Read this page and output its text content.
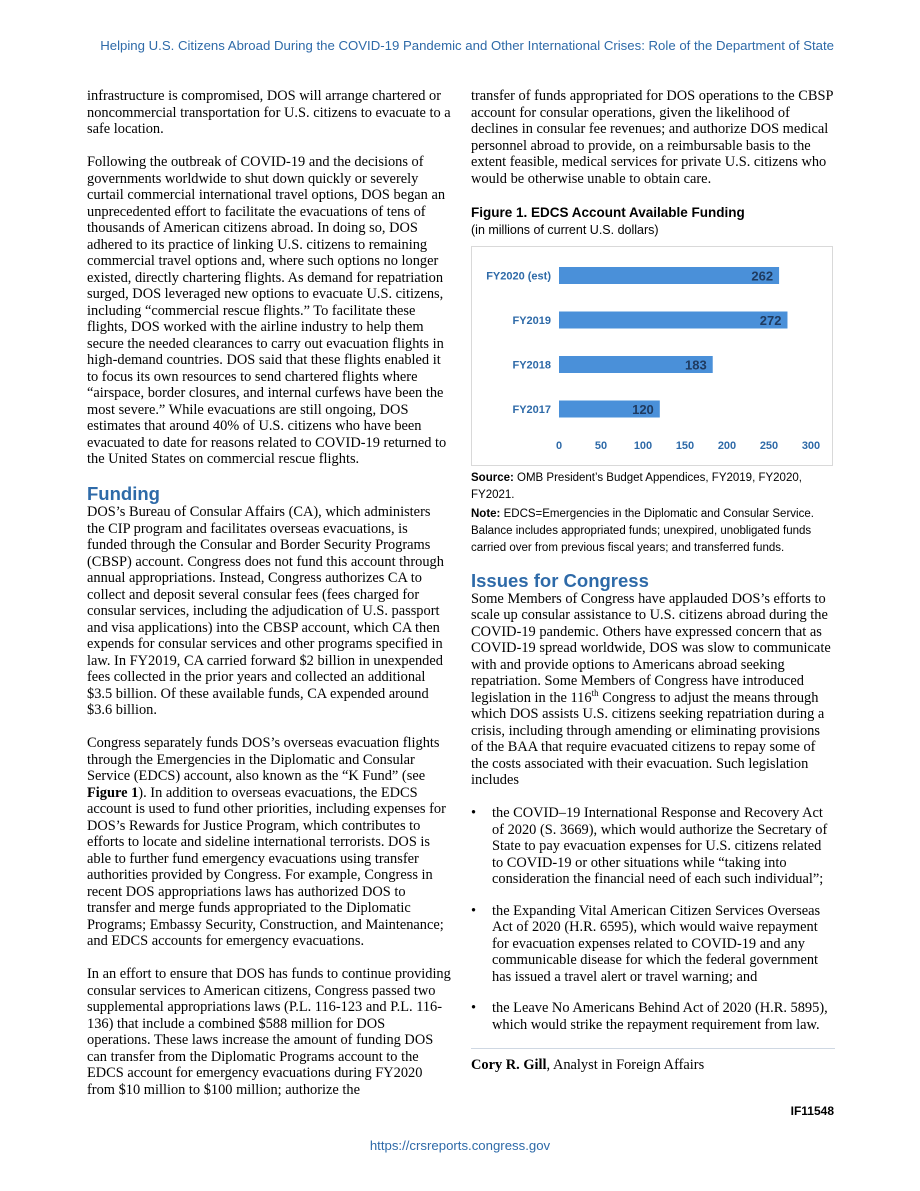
Helping U.S. Citizens Abroad During the COVID-19 Pandemic and Other International Crises: Role of the Department of State

infrastructure is compromised, DOS will arrange chartered or noncommercial transportation for U.S. citizens to evacuate to a safe location.

Following the outbreak of COVID-19 and the decisions of governments worldwide to shut down quickly or severely curtail commercial international travel options, DOS began an unprecedented effort to facilitate the evacuations of tens of thousands of American citizens abroad. In doing so, DOS adhered to its practice of linking U.S. citizens to remaining commercial travel options and, where such options no longer existed, directly chartering flights. As demand for repatriation surged, DOS leveraged new options to evacuate U.S. citizens, including “commercial rescue flights.” To facilitate these flights, DOS worked with the airline industry to help them secure the needed clearances to carry out evacuation flights in high-demand countries. DOS said that these flights enabled it to focus its own resources to send chartered flights where “airspace, border closures, and internal curfews have been the most severe.” While evacuations are still ongoing, DOS estimates that around 40% of U.S. citizens who have been evacuated to date for reasons related to COVID-19 returned to the United States on commercial rescue flights.

Funding

DOS’s Bureau of Consular Affairs (CA), which administers the CIP program and facilitates overseas evacuations, is funded through the Consular and Border Security Programs (CBSP) account. Congress does not fund this account through annual appropriations. Instead, Congress authorizes CA to collect and deposit several consular fees (fees charged for consular services, including the adjudication of U.S. passport and visa applications) into the CBSP account, which CA then expends for consular services and other programs specified in law. In FY2019, CA carried forward $2 billion in unexpended fees collected in the prior years and collected an additional $3.5 billion. Of these available funds, CA expended around $3.6 billion.

Congress separately funds DOS’s overseas evacuation flights through the Emergencies in the Diplomatic and Consular Service (EDCS) account, also known as the “K Fund” (see Figure 1). In addition to overseas evacuations, the EDCS account is used to fund other priorities, including expenses for DOS’s Rewards for Justice Program, which contributes to efforts to locate and sideline international terrorists. DOS is able to further fund emergency evacuations using transfer authorities provided by Congress. For example, Congress in recent DOS appropriations laws has authorized DOS to transfer and merge funds appropriated to the Diplomatic Programs; Embassy Security, Construction, and Maintenance; and EDCS accounts for emergency evacuations.

In an effort to ensure that DOS has funds to continue providing consular services to American citizens, Congress passed two supplemental appropriations laws (P.L. 116-123 and P.L. 116-136) that include a combined $588 million for DOS operations. These laws increase the amount of funding DOS can transfer from the Diplomatic Programs account to the EDCS account for emergency evacuations during FY2020 from $10 million to $100 million; authorize the

transfer of funds appropriated for DOS operations to the CBSP account for consular operations, given the likelihood of declines in consular fee revenues; and authorize DOS medical personnel abroad to provide, on a reimbursable basis to the extent feasible, medical services for private U.S. citizens who would be otherwise unable to obtain care.

Figure 1. EDCS Account Available Funding
(in millions of current U.S. dollars)
FY2020 (est)	262
FY2019	272
FY2018	183
FY2017	120
0	50 100 150 200 250 300
Source: OMB President’s Budget Appendices, FY2019, FY2020, FY2021.
Note: EDCS=Emergencies in the Diplomatic and Consular Service. Balance includes appropriated funds; unexpired, unobligated funds carried over from previous fiscal years; and transferred funds.
Issues for Congress

Some Members of Congress have applauded DOS’s efforts to scale up consular assistance to U.S. citizens abroad during the COVID-19 pandemic. Others have expressed concern that as COVID-19 spread worldwide, DOS was slow to communicate with and provide options to Americans abroad seeking repatriation. Some Members of Congress have introduced legislation in the 116th Congress to adjust the means through which DOS assists U.S. citizens seeking repatriation during a crisis, including through amending or eliminating provisions of the BAA that require evacuated citizens to repay some of the costs associated with their evacuation. Such legislation includes

• the COVID–19 International Response and Recovery Act of 2020 (S. 3669), which would authorize the Secretary of State to pay evacuation expenses for U.S. citizens related to COVID-19 or other situations while “taking into consideration the financial need of each such individual”;
• the Expanding Vital American Citizen Services Overseas Act of 2020 (H.R. 6595), which would waive repayment for evacuation expenses related to COVID-19 and any communicable disease for which the federal government has issued a travel alert or travel warning; and
• the Leave No Americans Behind Act of 2020 (H.R. 5895), which would strike the repayment requirement from law.
Cory R. Gill, Analyst in Foreign Affairs
IF11548
https://crsreports.congress.gov
